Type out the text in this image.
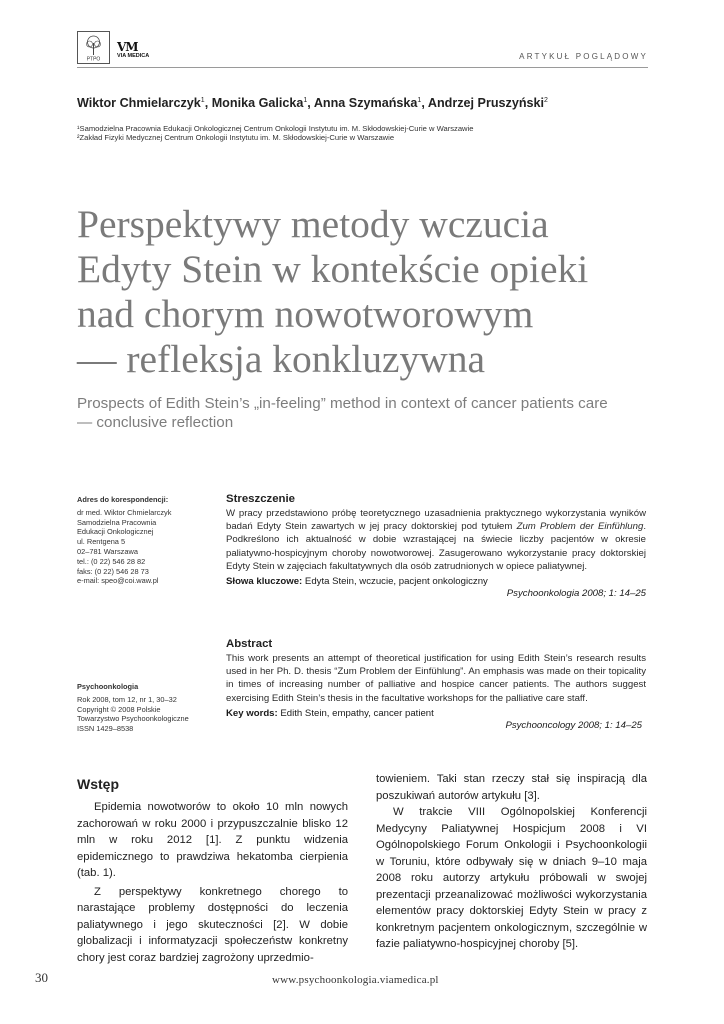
PTPO
VM
VIA MEDICA	ARTYKUŁ POGLĄDOWY
Wiktor Chmielarczyk$^1$, Monika Galicka$^1$, Anna Szymańska$^1$, Andrzej Pruszyński$^2$
¹Samodzielna Pracownia Edukacji Onkologicznej Centrum Onkologii Instytutu im. M. Skłodowskiej-Curie w Warszawie
²Zakład Fizyki Medycznej Centrum Onkologii Instytutu im. M. Skłodowskiej-Curie w Warszawie
Perspektywy metody wczucia
Edyty Stein w kontekście opieki
nad chorym nowotworowym
— refleksja konkluzywna
Prospects of Edith Stein’s „in-feeling” method in context of cancer patients care
— conclusive reflection
Adres do korespondencji:
dr med. Wiktor Chmielarczyk
Samodzielna Pracownia
Edukacji Onkologicznej
ul. Rentgena 5
02–781 Warszawa
tel.: (0 22) 546 28 82
faks: (0 22) 546 28 73
e-mail: speo@coi.waw.pl
Psychoonkologia
Rok 2008, tom 12, nr 1, 30–32
Copyright © 2008 Polskie
Towarzystwo Psychoonkologiczne
ISSN 1429–8538
Streszczenie

W pracy przedstawiono próbę teoretycznego uzasadnienia praktycznego wykorzystania wyników badań Edyty Stein zawartych w jej pracy doktorskiej pod tytułem Zum Problem der Einfühlung. Podkreślono ich aktualność w dobie wzrastającej na świecie liczby pacjentów w okresie paliatywno-hospicyjnym choroby nowotworowej. Zasugerowano wykorzystanie pracy doktorskiej Edyty Stein w zajęciach fakultatywnych dla osób zatrudnionych w opiece paliatywnej.

Słowa kluczowe: Edyta Stein, wczucie, pacjent onkologiczny
Psychoonkologia 2008; 1: 14–25
Abstract

This work presents an attempt of theoretical justification for using Edith Stein’s research results used in her Ph. D. thesis “Zum Problem der Einfühlung”. An emphasis was made on their topicality in times of increasing number of palliative and hospice cancer patients. The authors suggest exercising Edith Stein’s thesis in the facultative workshops for the palliative care staff.

Key words: Edith Stein, empathy, cancer patient
Psychooncology 2008; 1: 14–25
Wstęp

Epidemia nowotworów to około 10 mln nowych zachorowań w roku 2000 i przypuszczalnie blisko 12 mln w roku 2012 [1]. Z punktu widzenia epidemicznego to prawdziwa hekatomba cierpienia (tab. 1).

Z perspektywy konkretnego chorego to narastające problemy dostępności do leczenia paliatywnego i jego skuteczności [2]. W dobie globalizacji i informatyzacji społeczeństw konkretny chory jest coraz bardziej zagrożony uprzedmio-

towieniem. Taki stan rzeczy stał się inspiracją dla poszukiwań autorów artykułu [3].

W trakcie VIII Ogólnopolskiej Konferencji Medycyny Paliatywnej Hospicjum 2008 i VI Ogólnopolskiego Forum Onkologii i Psychoonkologii w Toruniu, które odbywały się w dniach 9–10 maja 2008 roku autorzy artykułu próbowali w swojej prezentacji przeanalizować możliwości wykorzystania elementów pracy doktorskiej Edyty Stein w pracy z konkretnym pacjentem onkologicznym, szczególnie w fazie paliatywno-hospicyjnej choroby [5].

30	www.psychoonkologia.viamedica.pl
